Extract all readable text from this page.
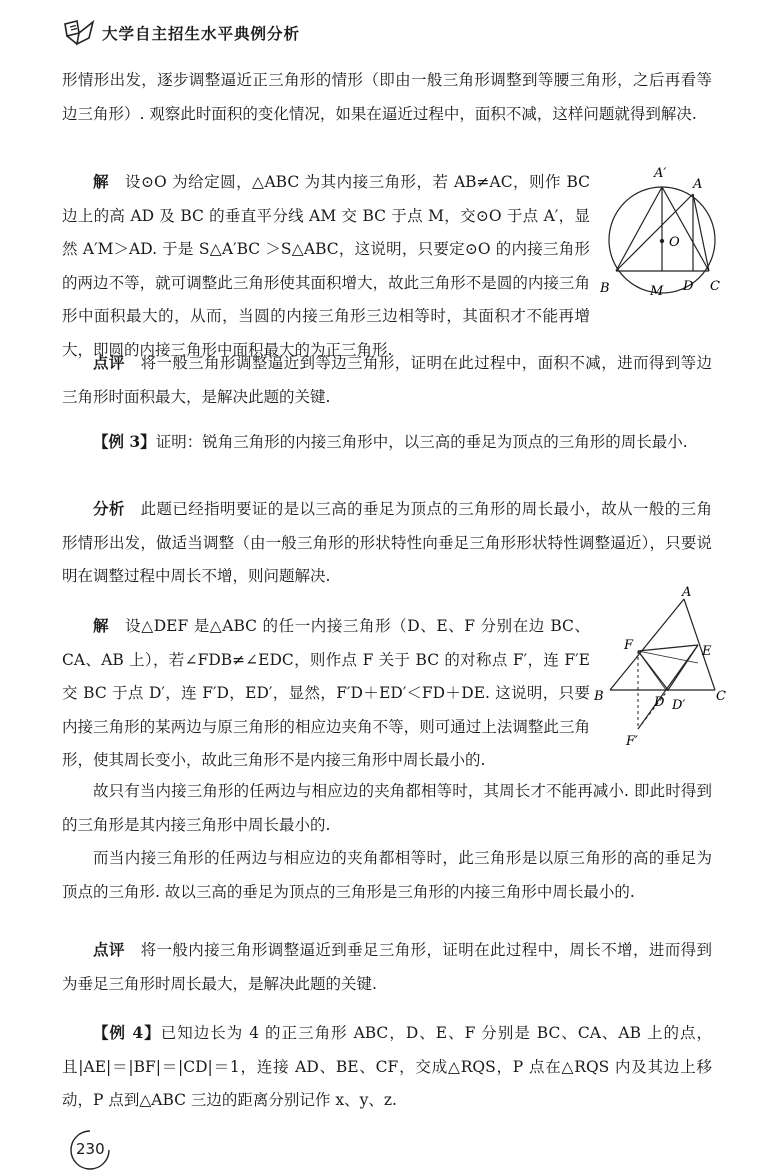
大学自主招生水平典例分析

形情形出发，逐步调整逼近正三角形的情形（即由一般三角形调整到等腰三角形，之后再看等边三角形）. 观察此时面积的变化情况，如果在逼近过程中，面积不减，这样问题就得到解决.

解　 设⊙O 为给定圆，△ABC 为其内接三角形，若 AB≠AC，则作 BC 边上的高 AD 及 BC 的垂直平分线 AM 交 BC 于点 M，交⊙O 于点 A′，显然 A′M＞AD. 于是 S△A′BC ＞S△ABC，这说明，只要定⊙O 的内接三角形的两边不等，就可调整此三角形使其面积增大，故此三角形不是圆的内接三角形中面积最大的，从而，当圆的内接三角形三边相等时，其面积才不能再增大，即圆的内接三角形中面积最大的为正三角形.

A′
A
O
B	M D C

点评　 将一般三角形调整逼近到等边三角形，证明在此过程中，面积不减，进而得到等边三角形时面积最大，是解决此题的关键.

【例 3】证明：锐角三角形的内接三角形中，以三高的垂足为顶点的三角形的周长最小.

分析　 此题已经指明要证的是以三高的垂足为顶点的三角形的周长最小，故从一般的三角形情形出发，做适当调整（由一般三角形的形状特性向垂足三角形形状特性调整逼近），只要说明在调整过程中周长不增，则问题解决.

解　 设△DEF 是△ABC 的任一内接三角形（D、E、F 分别在边 BC、CA、AB 上），若∠FDB≠∠EDC，则作点 F 关于 BC 的对称点 F′，连 F′E 交 BC 于点 D′，连 F′D，ED′，显然，F′D＋ED′＜FD＋DE. 这说明，只要内接三角形的某两边与原三角形的相应边夹角不等，则可通过上法调整此三角形，使其周长变小，故此三角形不是内接三角形中周长最小的.

A
F	E
B	D D′
C
F′

故只有当内接三角形的任两边与相应边的夹角都相等时，其周长才不能再减小. 即此时得到的三角形是其内接三角形中周长最小的.

而当内接三角形的任两边与相应边的夹角都相等时，此三角形是以原三角形的高的垂足为顶点的三角形. 故以三高的垂足为顶点的三角形是三角形的内接三角形中周长最小的.

点评　 将一般内接三角形调整逼近到垂足三角形，证明在此过程中，周长不增，进而得到为垂足三角形时周长最大，是解决此题的关键.

【例 4】已知边长为 4 的正三角形 ABC，D、E、F 分别是 BC、CA、AB 上的点，且|AE|＝|BF|＝|CD|＝1，连接 AD、BE、CF，交成△RQS，P 点在△RQS 内及其边上移动，P 点到△ABC 三边的距离分别记作 x、y、z.

230
